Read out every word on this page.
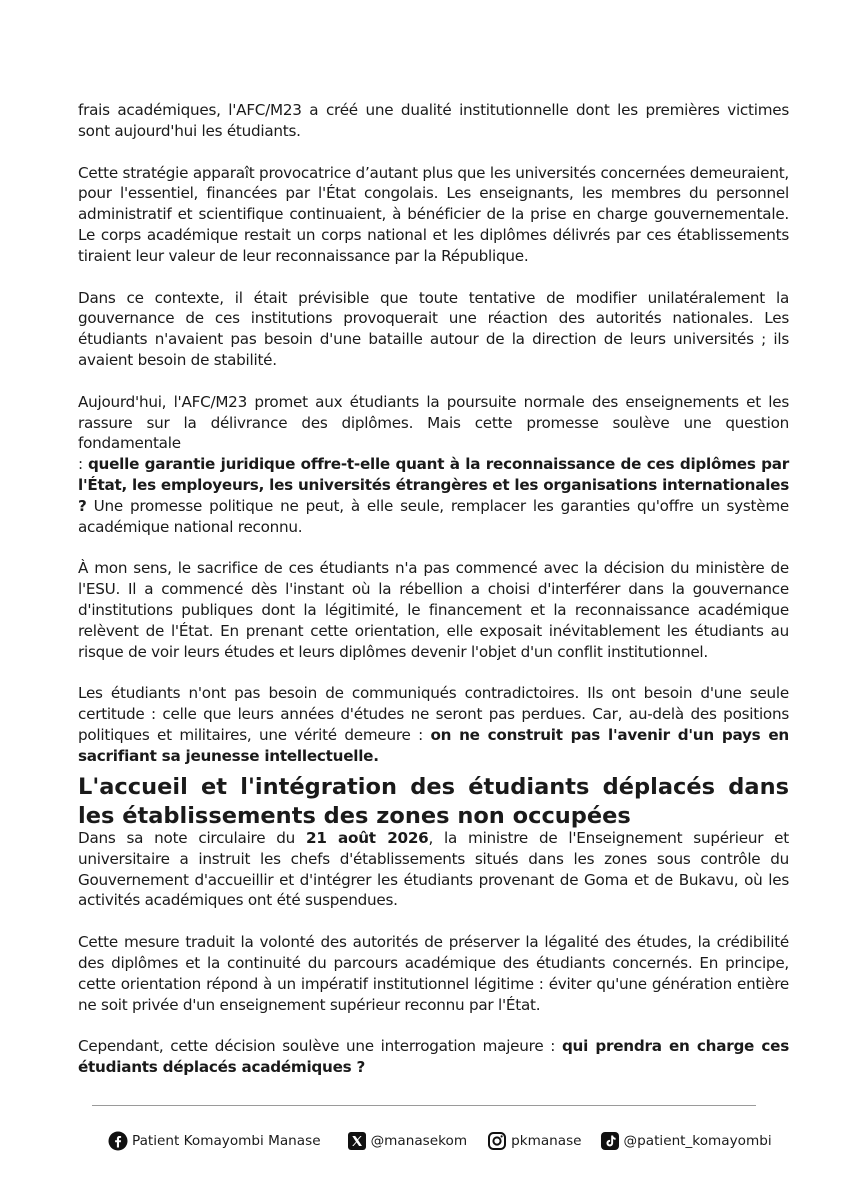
frais académiques, l'AFC/M23 a créé une dualité institutionnelle dont les premières victimes sont aujourd'hui les étudiants.

Cette stratégie apparaît provocatrice d’autant plus que les universités concernées demeuraient, pour l'essentiel, financées par l'État congolais. Les enseignants, les membres du personnel administratif et scientifique continuaient, à bénéficier de la prise en charge gouvernementale. Le corps académique restait un corps national et les diplômes délivrés par ces établissements tiraient leur valeur de leur reconnaissance par la République.

Dans ce contexte, il était prévisible que toute tentative de modifier unilatéralement la gouvernance de ces institutions provoquerait une réaction des autorités nationales. Les étudiants n'avaient pas besoin d'une bataille autour de la direction de leurs universités ; ils avaient besoin de stabilité.

Aujourd'hui, l'AFC/M23 promet aux étudiants la poursuite normale des enseignements et les rassure sur la délivrance des diplômes. Mais cette promesse soulève une question fondamentale
: quelle garantie juridique offre-t-elle quant à la reconnaissance de ces diplômes par l'État, les employeurs, les universités étrangères et les organisations internationales ? Une promesse politique ne peut, à elle seule, remplacer les garanties qu'offre un système académique national reconnu.

À mon sens, le sacrifice de ces étudiants n'a pas commencé avec la décision du ministère de l'ESU. Il a commencé dès l'instant où la rébellion a choisi d'interférer dans la gouvernance d'institutions publiques dont la légitimité, le financement et la reconnaissance académique relèvent de l'État. En prenant cette orientation, elle exposait inévitablement les étudiants au risque de voir leurs études et leurs diplômes devenir l'objet d'un conflit institutionnel.

Les étudiants n'ont pas besoin de communiqués contradictoires. Ils ont besoin d'une seule certitude : celle que leurs années d'études ne seront pas perdues. Car, au-delà des positions politiques et militaires, une vérité demeure : on ne construit pas l'avenir d'un pays en sacrifiant sa jeunesse intellectuelle.

L'accueil et l'intégration des étudiants déplacés dans les établissements des zones non occupées

Dans sa note circulaire du 21 août 2026, la ministre de l'Enseignement supérieur et universitaire a instruit les chefs d'établissements situés dans les zones sous contrôle du Gouvernement d'accueillir et d'intégrer les étudiants provenant de Goma et de Bukavu, où les activités académiques ont été suspendues.

Cette mesure traduit la volonté des autorités de préserver la légalité des études, la crédibilité des diplômes et la continuité du parcours académique des étudiants concernés. En principe, cette orientation répond à un impératif institutionnel légitime : éviter qu'une génération entière ne soit privée d'un enseignement supérieur reconnu par l'État.

Cependant, cette décision soulève une interrogation majeure : qui prendra en charge ces étudiants déplacés académiques ?

Patient Komayombi Manase	@manasekom	pkmanase	@patient_komayombi
